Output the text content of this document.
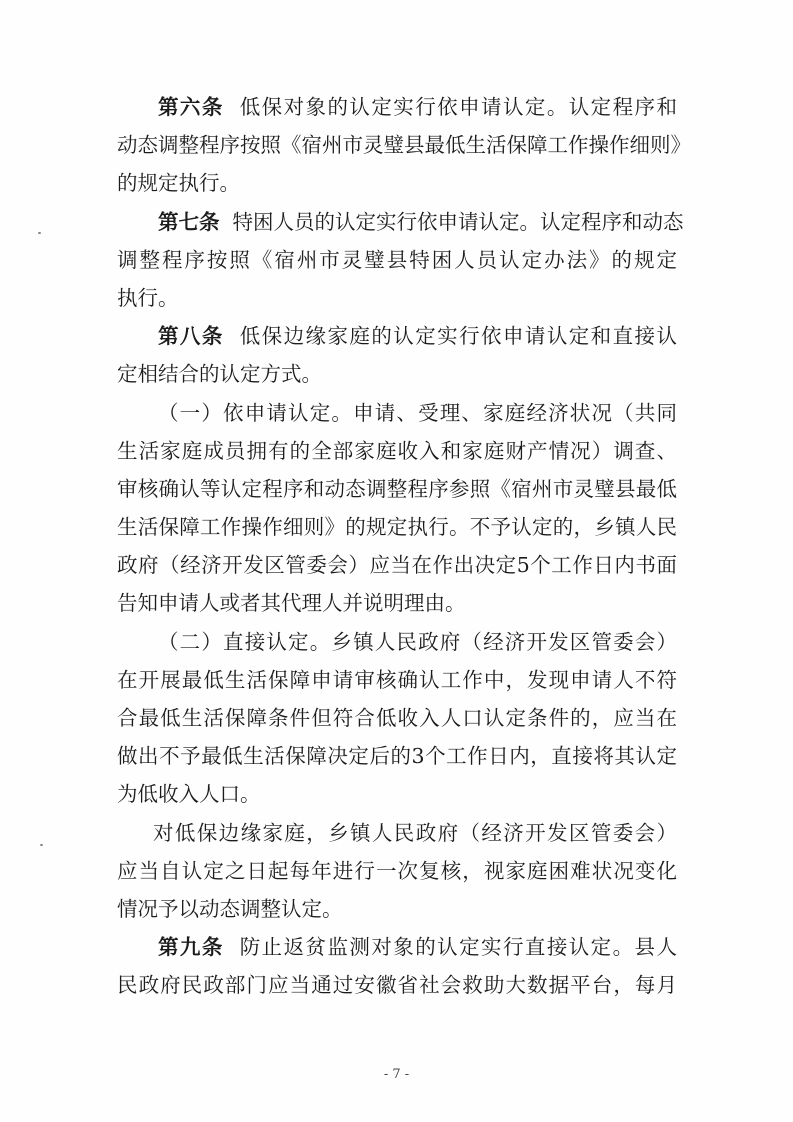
第六条 低保对象的认定实行依申请认定。认定程序和
动态调整程序按照《宿州市灵璧县最低生活保障工作操作细则》
的规定执行。
第七条 特困人员的认定实行依申请认定。认定程序和动态
调整程序按照《宿州市灵璧县特困人员认定办法》的规定
执行。
第八条 低保边缘家庭的认定实行依申请认定和直接认
定相结合的认定方式。
（一）依申请认定。申请、受理、家庭经济状况（共同
生活家庭成员拥有的全部家庭收入和家庭财产情况）调查、
审核确认等认定程序和动态调整程序参照《宿州市灵璧县最低
生活保障工作操作细则》的规定执行。不予认定的，乡镇人民
政府（经济开发区管委会）应当在作出决定5个工作日内书面
告知申请人或者其代理人并说明理由。
（二）直接认定。乡镇人民政府（经济开发区管委会）
在开展最低生活保障申请审核确认工作中，发现申请人不符
合最低生活保障条件但符合低收入人口认定条件的，应当在
做出不予最低生活保障决定后的3个工作日内，直接将其认定
为低收入人口。
对低保边缘家庭，乡镇人民政府（经济开发区管委会）
应当自认定之日起每年进行一次复核，视家庭困难状况变化
情况予以动态调整认定。
第九条 防止返贫监测对象的认定实行直接认定。县人
民政府民政部门应当通过安徽省社会救助大数据平台，每月
- 7 -
